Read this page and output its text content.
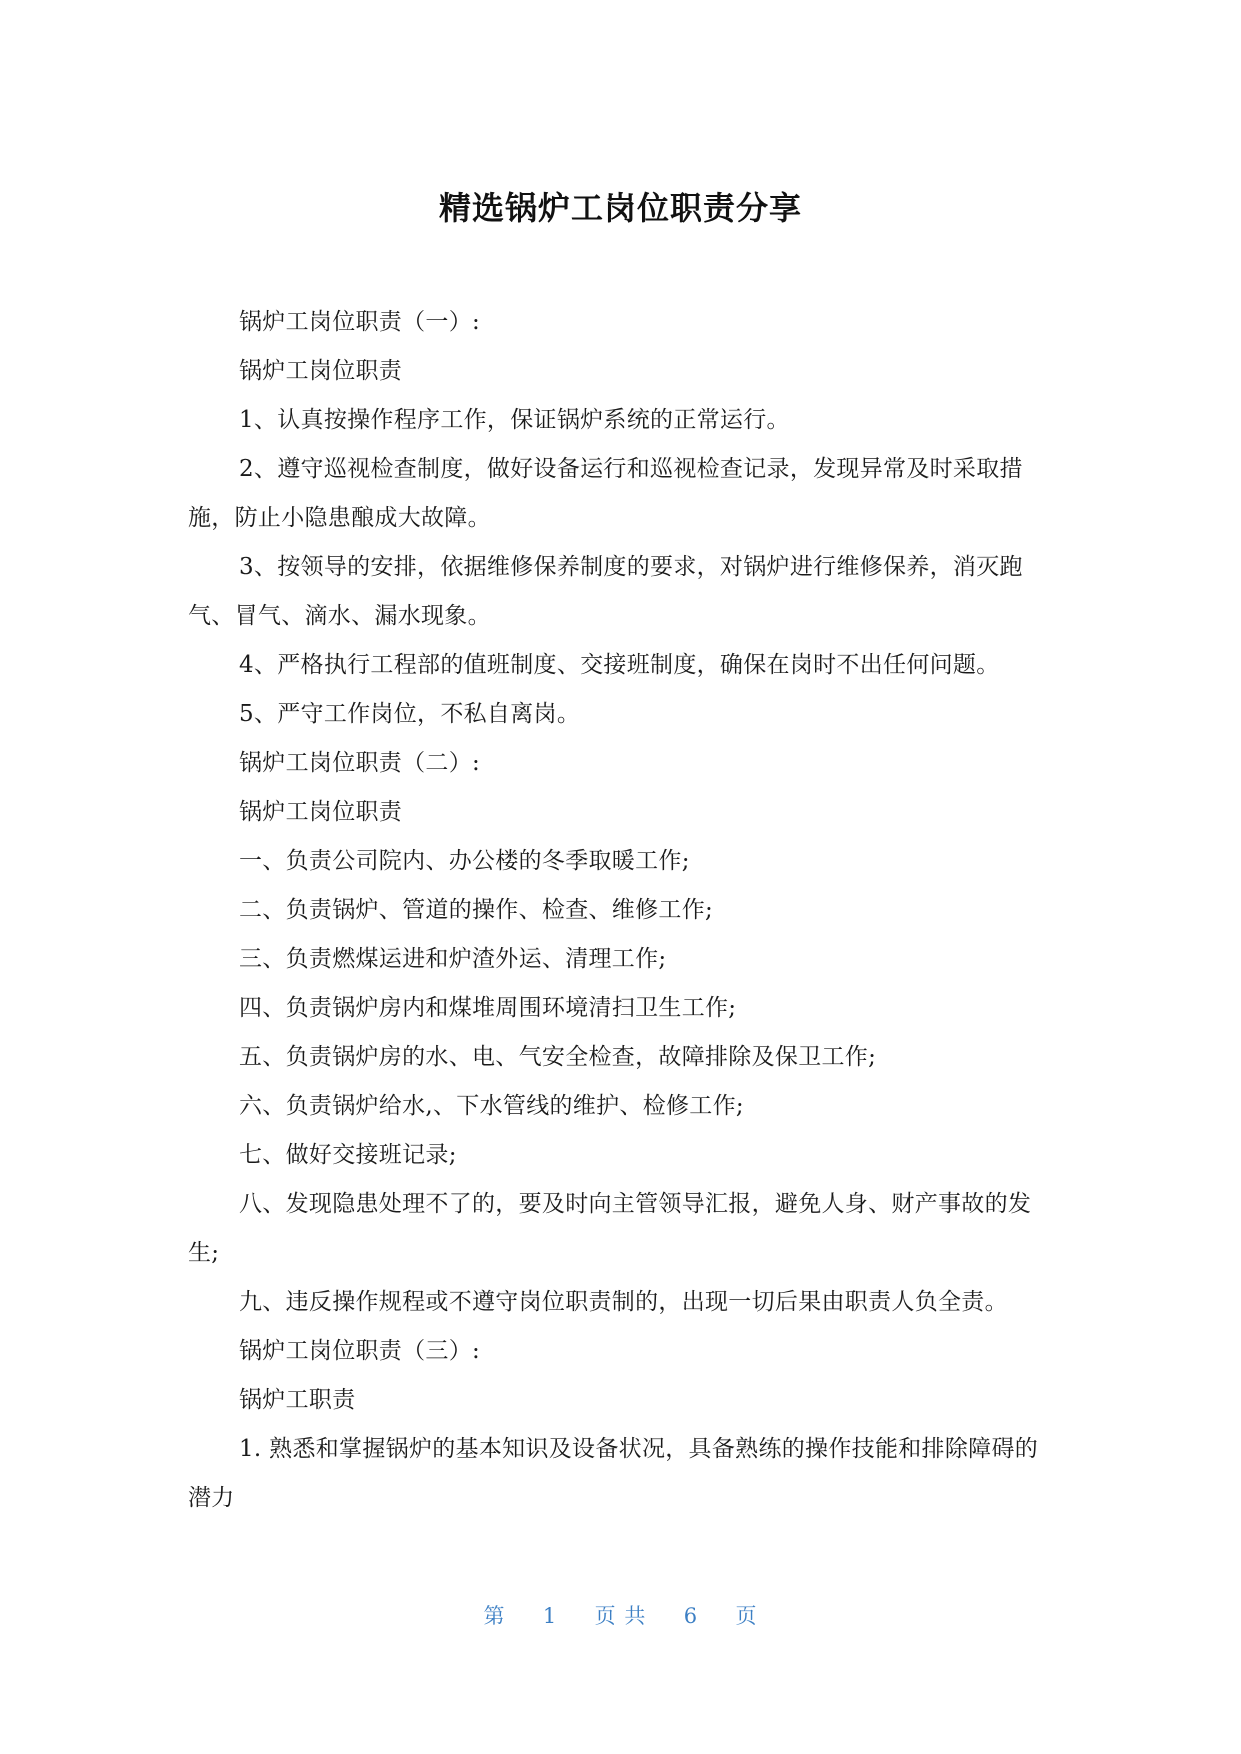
精选锅炉工岗位职责分享

锅炉工岗位职责（一）:

锅炉工岗位职责

1、认真按操作程序工作，保证锅炉系统的正常运行。

2、遵守巡视检查制度，做好设备运行和巡视检查记录，发现异常及时采取措施，防止小隐患酿成大故障。

3、按领导的安排，依据维修保养制度的要求，对锅炉进行维修保养，消灭跑气、冒气、滴水、漏水现象。

4、严格执行工程部的值班制度、交接班制度，确保在岗时不出任何问题。

5、严守工作岗位，不私自离岗。

锅炉工岗位职责（二）:

锅炉工岗位职责

一、负责公司院内、办公楼的冬季取暖工作;

二、负责锅炉、管道的操作、检查、维修工作;

三、负责燃煤运进和炉渣外运、清理工作;

四、负责锅炉房内和煤堆周围环境清扫卫生工作;

五、负责锅炉房的水、电、气安全检查，故障排除及保卫工作;

六、负责锅炉给水,、下水管线的维护、检修工作;

七、做好交接班记录;

八、发现隐患处理不了的，要及时向主管领导汇报，避免人身、财产事故的发生;

九、违反操作规程或不遵守岗位职责制的，出现一切后果由职责人负全责。

锅炉工岗位职责（三）:

锅炉工职责

1. 熟悉和掌握锅炉的基本知识及设备状况，具备熟练的操作技能和排除障碍的潜力

第 1 页 共 6 页
